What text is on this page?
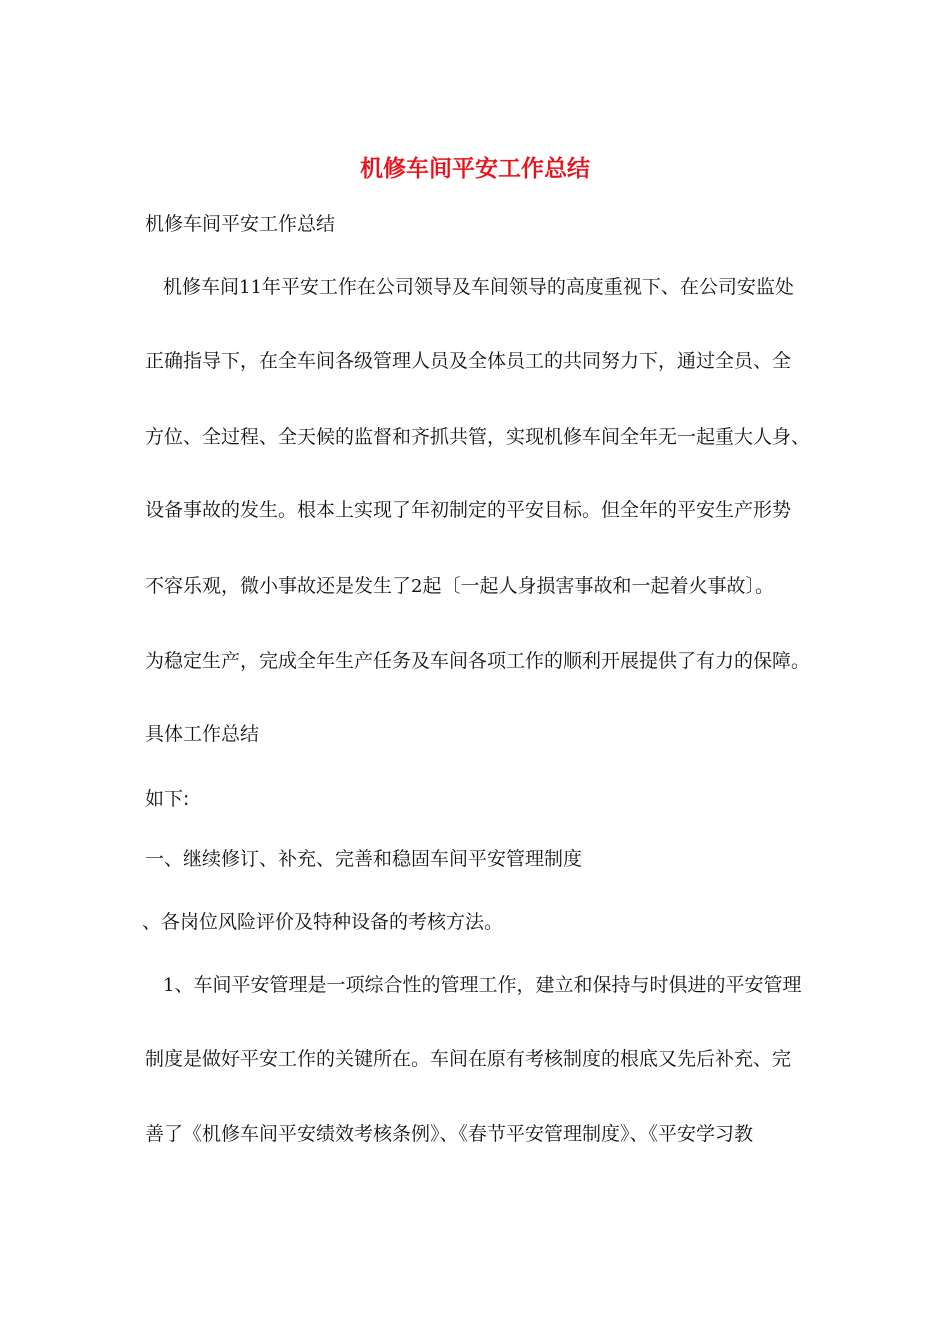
机修车间平安工作总结
机修车间平安工作总结
机修车间11年平安工作在公司领导及车间领导的高度重视下、在公司安监处
正确指导下，在全车间各级管理人员及全体员工的共同努力下，通过全员、全
方位、全过程、全天候的监督和齐抓共管，实现机修车间全年无一起重大人身、
设备事故的发生。根本上实现了年初制定的平安目标。但全年的平安生产形势
不容乐观，微小事故还是发生了2起〔一起人身损害事故和一起着火事故〕。
为稳定生产，完成全年生产任务及车间各项工作的顺利开展提供了有力的保障。
具体工作总结
如下:
一、继续修订、补充、完善和稳固车间平安管理制度
、各岗位风险评价及特种设备的考核方法。
1、车间平安管理是一项综合性的管理工作，建立和保持与时俱进的平安管理
制度是做好平安工作的关键所在。车间在原有考核制度的根底又先后补充、完
善了《机修车间平安绩效考核条例》、《春节平安管理制度》、《平安学习教
